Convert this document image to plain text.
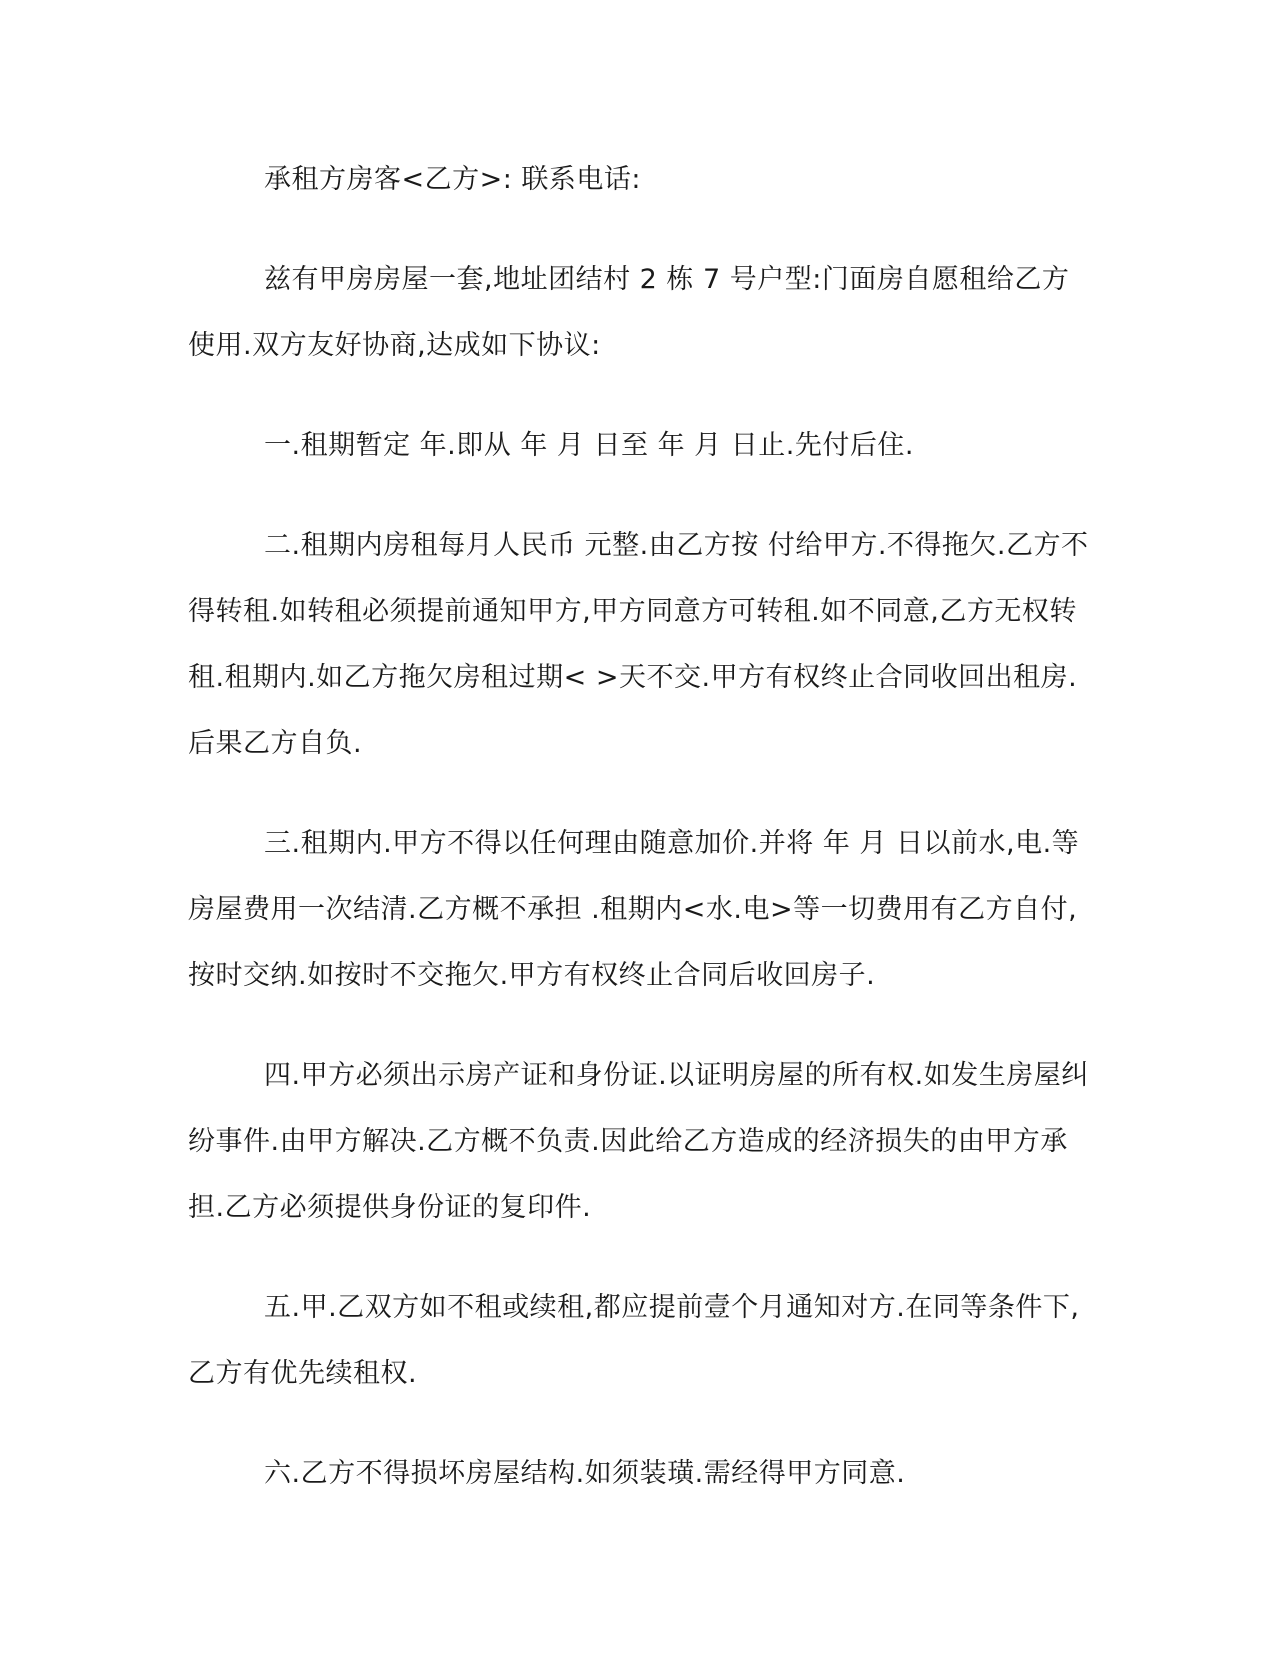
承租方房客<乙方>: 联系电话:

兹有甲房房屋一套,地址团结村 2 栋 7 号户型:门面房自愿租给乙方使用.双方友好协商,达成如下协议:

一.租期暂定 年.即从 年 月 日至 年 月 日止.先付后住.

二.租期内房租每月人民币 元整.由乙方按 付给甲方.不得拖欠.乙方不得转租.如转租必须提前通知甲方,甲方同意方可转租.如不同意,乙方无权转租.租期内.如乙方拖欠房租过期< >天不交.甲方有权终止合同收回出租房.后果乙方自负.

三.租期内.甲方不得以任何理由随意加价.并将 年 月 日以前水,电.等房屋费用一次结清.乙方概不承担 .租期内<水.电>等一切费用有乙方自付,按时交纳.如按时不交拖欠.甲方有权终止合同后收回房子.

四.甲方必须出示房产证和身份证.以证明房屋的所有权.如发生房屋纠纷事件.由甲方解决.乙方概不负责.因此给乙方造成的经济损失的由甲方承担.乙方必须提供身份证的复印件.

五.甲.乙双方如不租或续租,都应提前壹个月通知对方.在同等条件下,乙方有优先续租权.

六.乙方不得损坏房屋结构.如须装璜.需经得甲方同意.
